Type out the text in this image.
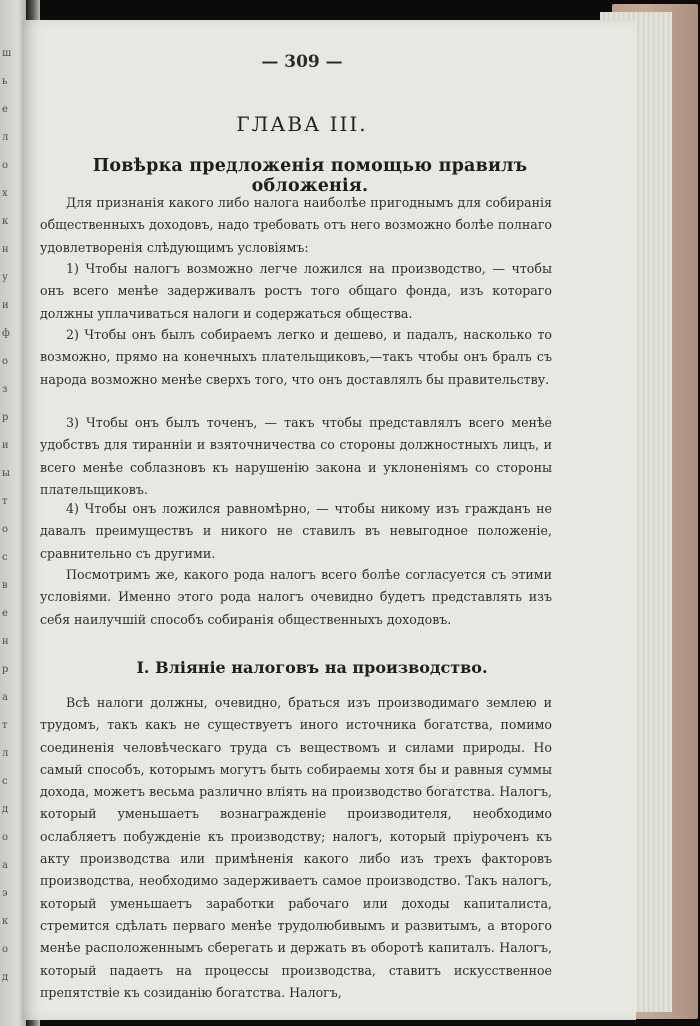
ш
ь
е
л
о
х
к
н
у
и
ф
о
з
р
и
ы
т
о
с
в
е
н
р
а
т
л
с
д
о
а
э
к
о
д
— 309 —
ГЛАВА III.
Повѣрка предложенія помощью правилъ обложенія.

Для признанія какого либо налога наиболѣе пригоднымъ для собиранія общественныхъ доходовъ, надо требовать отъ него возможно болѣе полнаго удовлетворенія слѣдующимъ условіямъ:

1) Чтобы налогъ возможно легче ложился на производство, — чтобы онъ всего менѣе задерживалъ ростъ того общаго фонда, изъ котораго должны уплачиваться налоги и содержаться общества.

2) Чтобы онъ былъ собираемъ легко и дешево, и падалъ, насколько то возможно, прямо на конечныхъ плательщиковъ,—такъ чтобы онъ бралъ съ народа возможно менѣе сверхъ того, что онъ доставлялъ бы правительству.

3) Чтобы онъ былъ точенъ, — такъ чтобы представлялъ всего менѣе удобствъ для тиранніи и взяточничества со стороны должностныхъ лицъ, и всего менѣе соблазновъ къ нарушенію закона и уклоненіямъ со стороны плательщиковъ.

4) Чтобы онъ ложился равномѣрно, — чтобы никому изъ гражданъ не давалъ преимуществъ и никого не ставилъ въ невыгодное положеніе, сравнительно съ другими.

Посмотримъ же, какого рода налогъ всего болѣе согласуется съ этими условіями. Именно этого рода налогъ очевидно будетъ представлять изъ себя наилучшій способъ собиранія общественныхъ доходовъ.

I. Вліяніе налоговъ на производство.

Всѣ налоги должны, очевидно, браться изъ производимаго землею и трудомъ, такъ какъ не существуетъ иного источника богатства, помимо соединенія человѣческаго труда съ веществомъ и силами природы. Но самый способъ, которымъ могутъ быть собираемы хотя бы и равныя суммы дохода, можетъ весьма различно вліять на производство богатства. Налогъ, который уменьшаетъ вознагражденіе производителя, необходимо ослабляетъ побужденіе къ производству; налогъ, который пріуроченъ къ акту производства или примѣненія какого либо изъ трехъ факторовъ производства, необходимо задерживаетъ самое производство. Такъ налогъ, который уменьшаетъ заработки рабочаго или доходы капиталиста, стремится сдѣлать перваго менѣе трудолюбивымъ и развитымъ, а второго менѣе расположеннымъ сберегать и держать въ оборотѣ капиталъ. Налогъ, который падаетъ на процессы производства, ставитъ искусственное препятствіе къ созиданію богатства. Налогъ,
